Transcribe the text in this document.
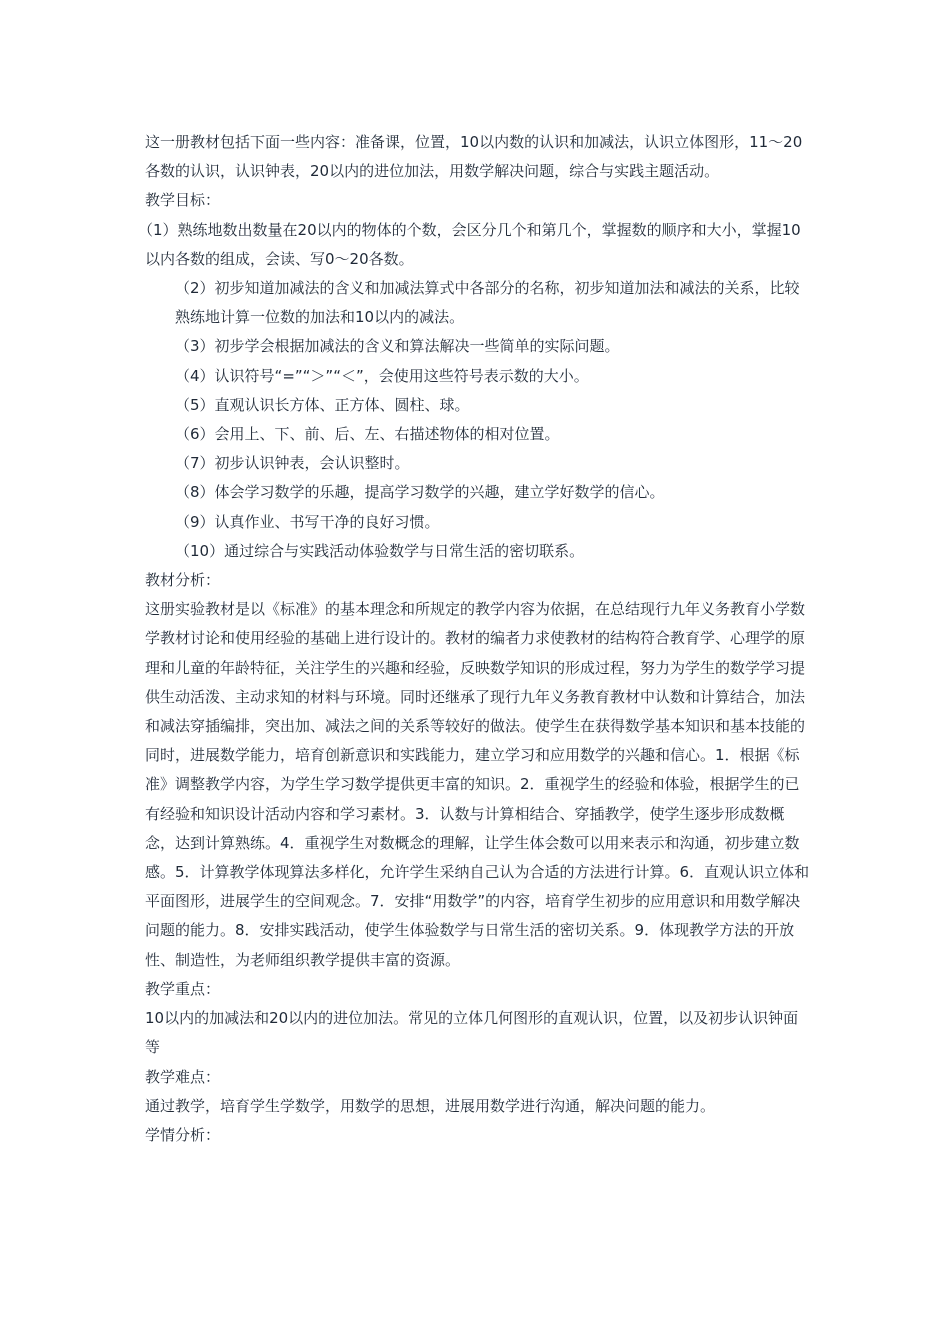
这一册教材包括下面一些内容：准备课，位置，10以内数的认识和加减法，认识立体图形，11～20各数的认识，认识钟表，20以内的进位加法，用数学解决问题，综合与实践主题活动。

教学目标：

（1）熟练地数出数量在20以内的物体的个数，会区分几个和第几个，掌握数的顺序和大小，掌握10以内各数的组成，会读、写0～20各数。

（2）初步知道加减法的含义和加减法算式中各部分的名称，初步知道加法和减法的关系，比较熟练地计算一位数的加法和10以内的减法。

（3）初步学会根据加减法的含义和算法解决一些简单的实际问题。

（4）认识符号“=”“＞”“＜”，会使用这些符号表示数的大小。

（5）直观认识长方体、正方体、圆柱、球。

（6）会用上、下、前、后、左、右描述物体的相对位置。

（7）初步认识钟表，会认识整时。

（8）体会学习数学的乐趣，提高学习数学的兴趣，建立学好数学的信心。

（9）认真作业、书写干净的良好习惯。

（10）通过综合与实践活动体验数学与日常生活的密切联系。

教材分析：

这册实验教材是以《标准》的基本理念和所规定的教学内容为依据，在总结现行九年义务教育小学数学教材讨论和使用经验的基础上进行设计的。教材的编者力求使教材的结构符合教育学、心理学的原理和儿童的年龄特征，关注学生的兴趣和经验，反映数学知识的形成过程，努力为学生的数学学习提供生动活泼、主动求知的材料与环境。同时还继承了现行九年义务教育教材中认数和计算结合，加法和减法穿插编排，突出加、减法之间的关系等较好的做法。使学生在获得数学基本知识和基本技能的同时，进展数学能力，培育创新意识和实践能力，建立学习和应用数学的兴趣和信心。1．根据《标准》调整教学内容，为学生学习数学提供更丰富的知识。2．重视学生的经验和体验，根据学生的已有经验和知识设计活动内容和学习素材。3．认数与计算相结合、穿插教学，使学生逐步形成数概念，达到计算熟练。4．重视学生对数概念的理解，让学生体会数可以用来表示和沟通，初步建立数感。5．计算教学体现算法多样化，允许学生采纳自己认为合适的方法进行计算。6．直观认识立体和平面图形，进展学生的空间观念。7．安排“用数学”的内容，培育学生初步的应用意识和用数学解决问题的能力。8．安排实践活动，使学生体验数学与日常生活的密切关系。9．体现教学方法的开放性、制造性，为老师组织教学提供丰富的资源。

教学重点：

10以内的加减法和20以内的进位加法。常见的立体几何图形的直观认识，位置，以及初步认识钟面等

教学难点：

通过教学，培育学生学数学，用数学的思想，进展用数学进行沟通，解决问题的能力。

学情分析：
